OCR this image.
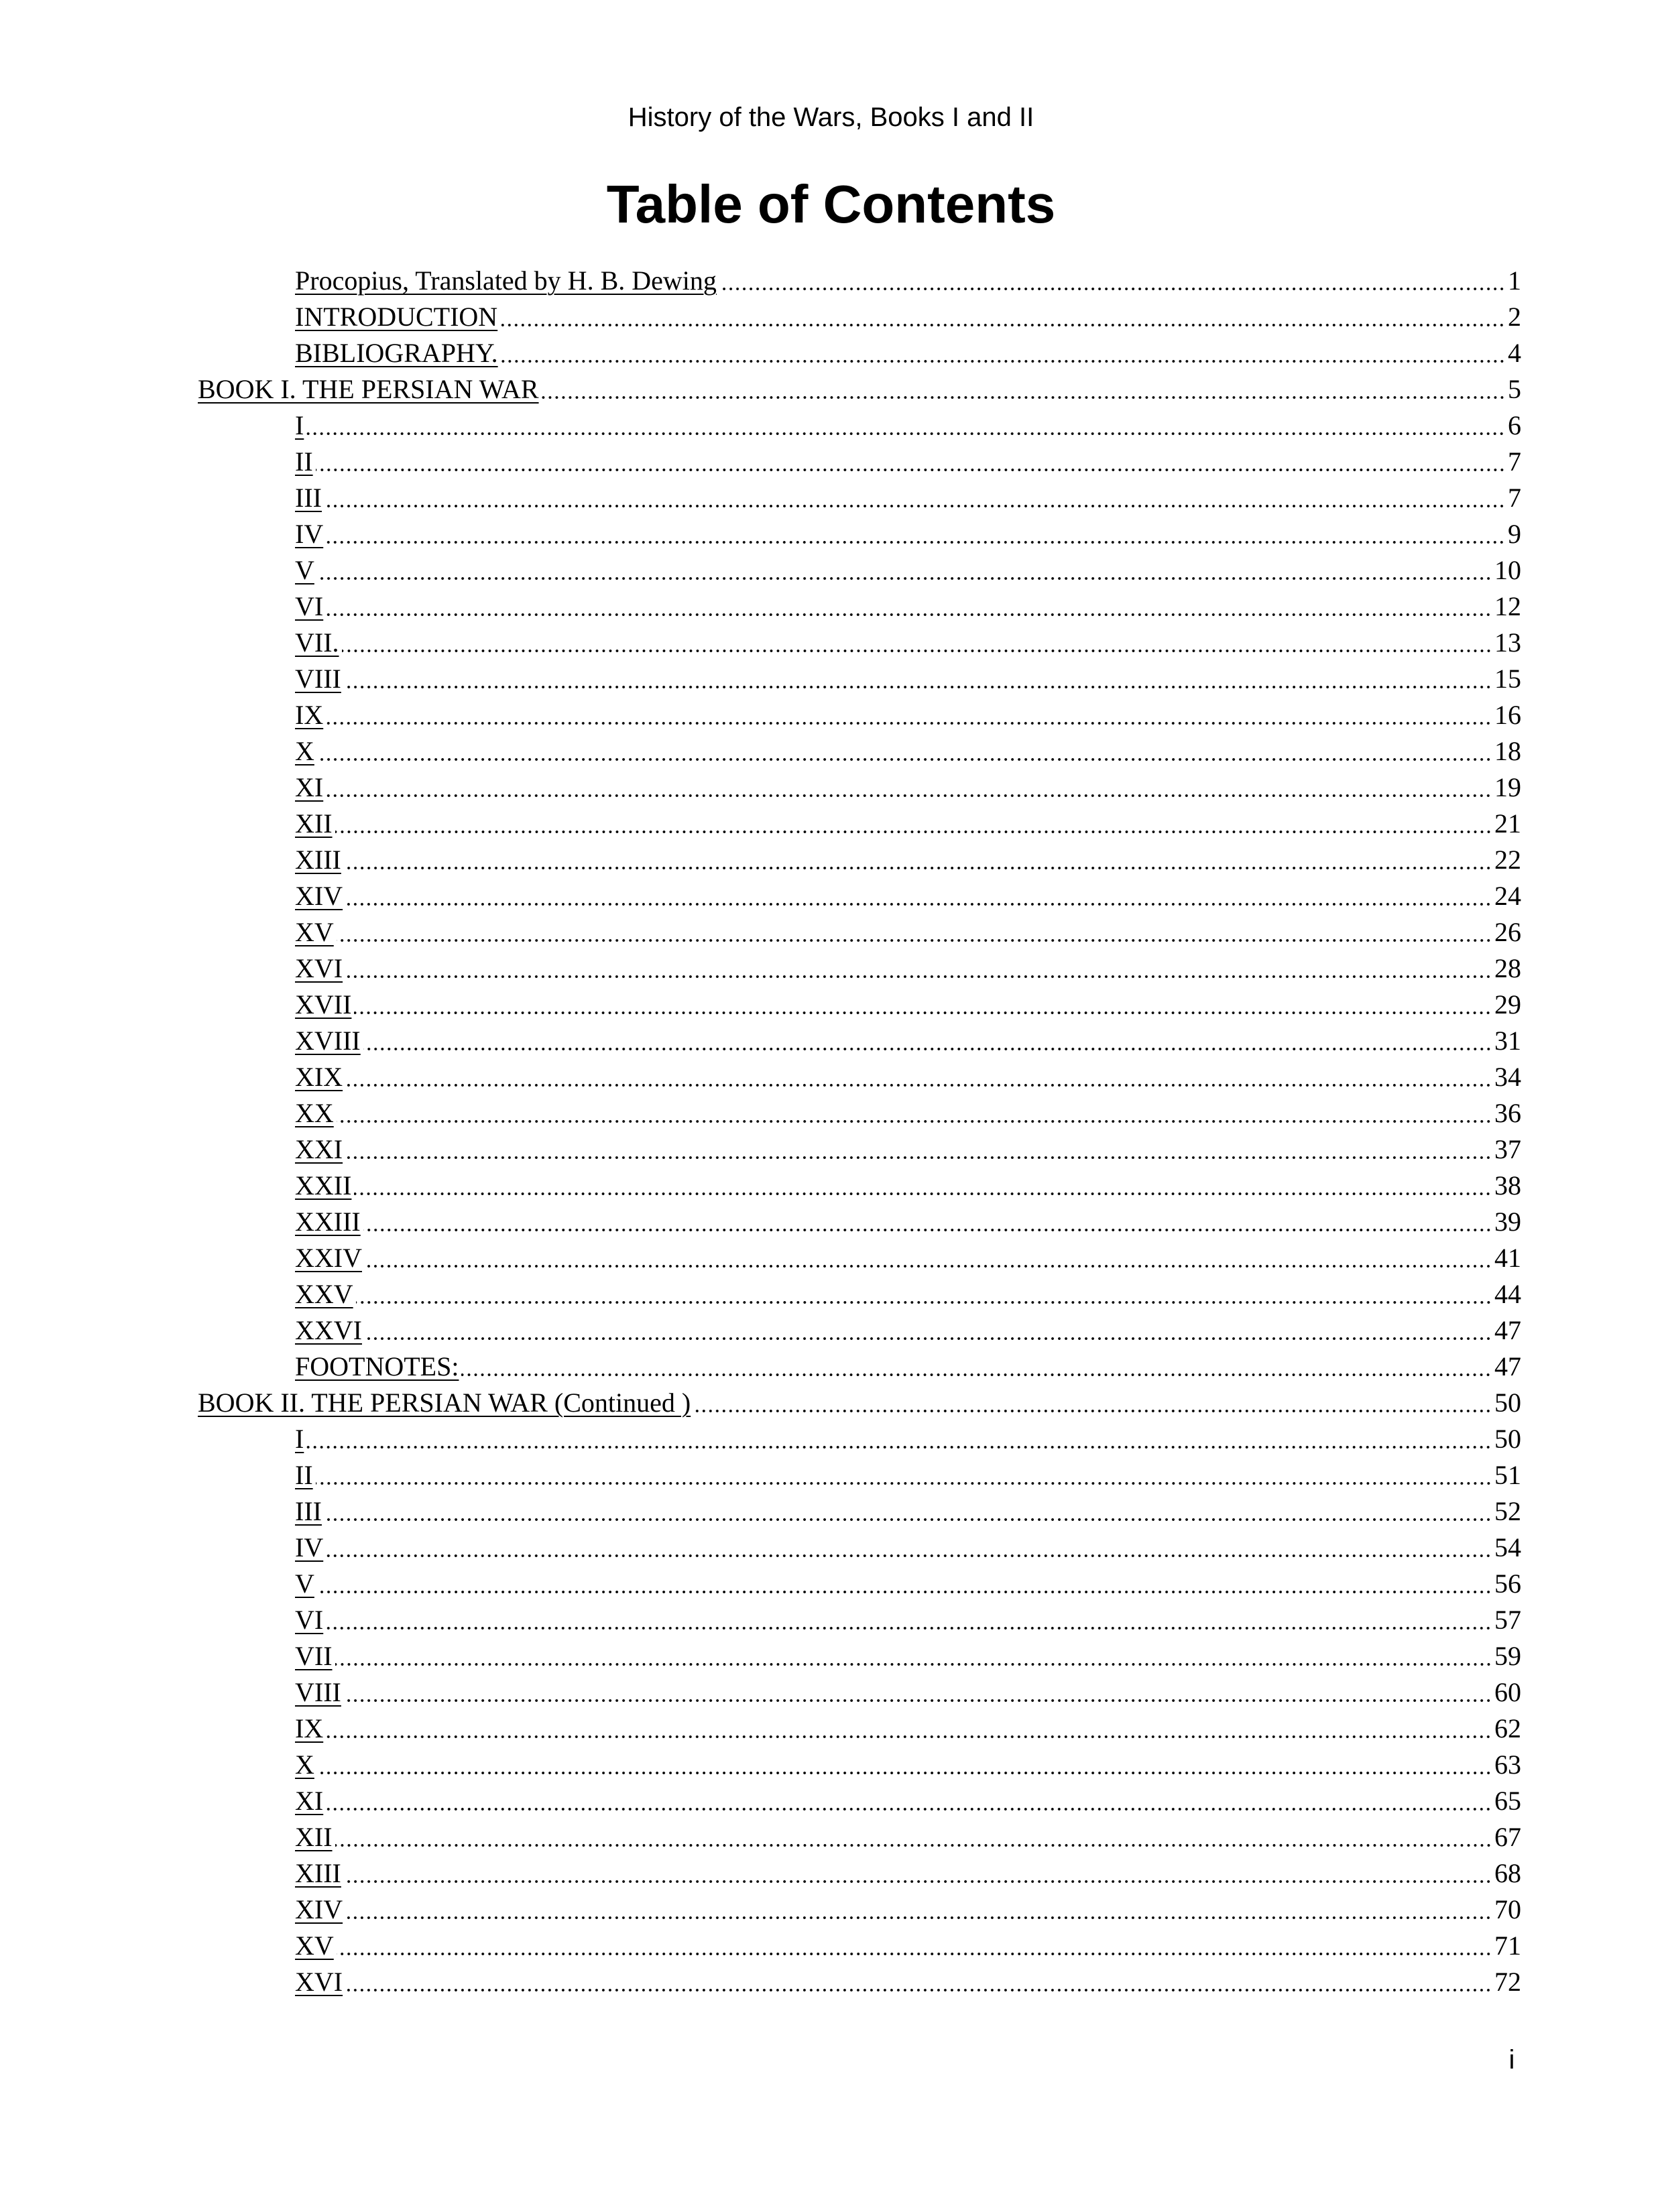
History of the Wars, Books I and II
Table of Contents
Procopius, Translated by H. B. Dewing	1
INTRODUCTION	2
BIBLIOGRAPHY.	4
BOOK I. THE PERSIAN WAR	5
I	6
II	7
III	7
IV	9
V	10
VI	12
VII.	13
VIII	15
IX	16
X	18
XI	19
XII	21
XIII	22
XIV	24
XV	26
XVI	28
XVII	29
XVIII	31
XIX	34
XX	36
XXI	37
XXII	38
XXIII	39
XXIV	41
XXV	44
XXVI	47
FOOTNOTES:	47
BOOK II. THE PERSIAN WAR (Continued )	50
I	50
II	51
III	52
IV	54
V	56
VI	57
VII	59
VIII	60
IX	62
X	63
XI	65
XII	67
XIII	68
XIV	70
XV	71
XVI	72
i
